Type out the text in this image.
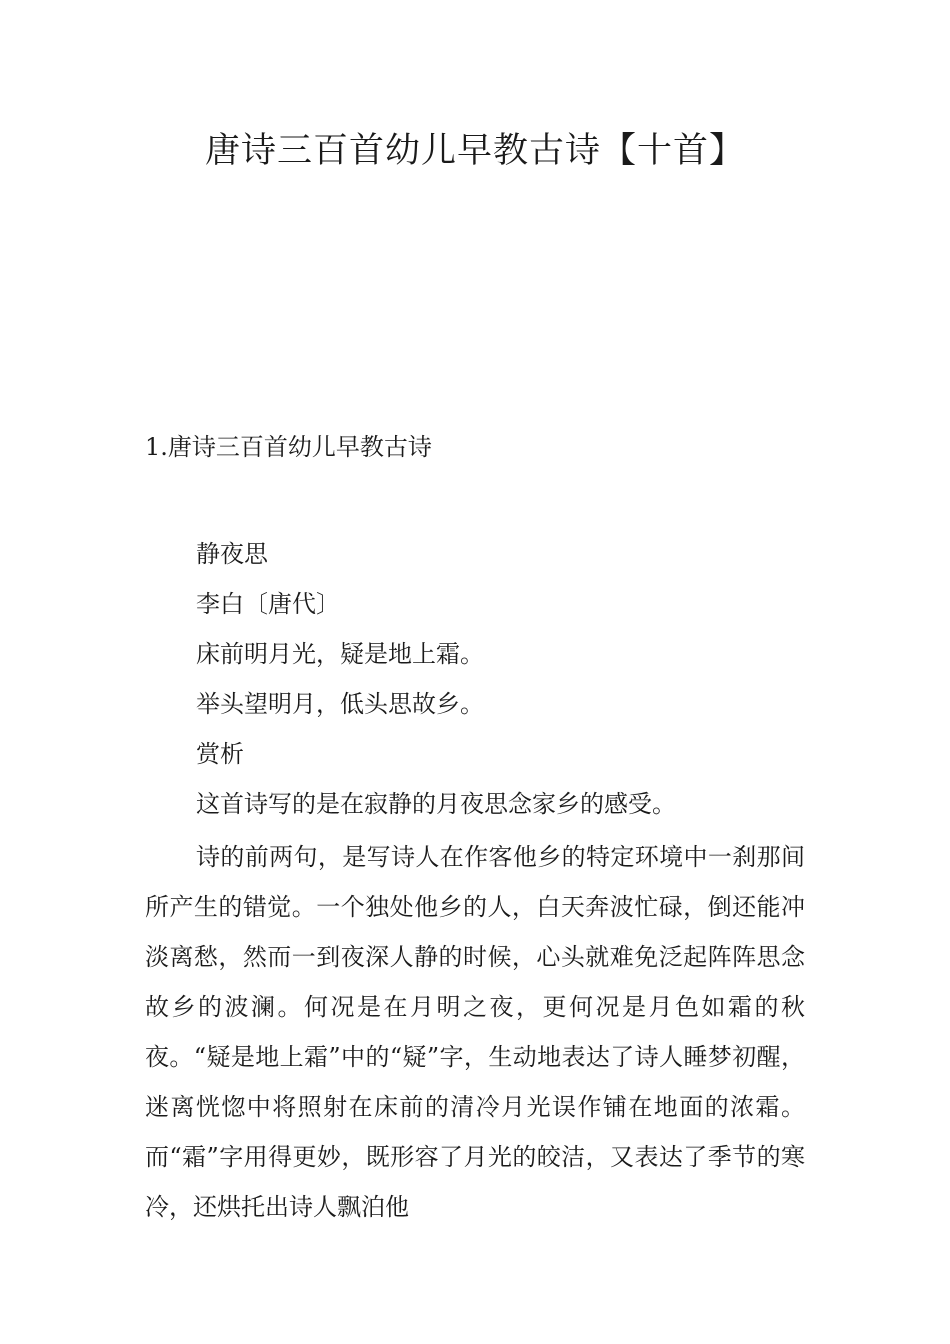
唐诗三百首幼儿早教古诗【十首】
1.唐诗三百首幼儿早教古诗

静夜思

李白〔唐代〕

床前明月光，疑是地上霜。

举头望明月，低头思故乡。

赏析

这首诗写的是在寂静的月夜思念家乡的感受。

诗的前两句，是写诗人在作客他乡的特定环境中一刹那间所产生的错觉。一个独处他乡的人，白天奔波忙碌，倒还能冲淡离愁，然而一到夜深人静的时候，心头就难免泛起阵阵思念故乡的波澜。何况是在月明之夜，更何况是月色如霜的秋夜。“疑是地上霜”中的“疑”字，生动地表达了诗人睡梦初醒，迷离恍惚中将照射在床前的清冷月光误作铺在地面的浓霜。而“霜”字用得更妙，既形容了月光的皎洁，又表达了季节的寒冷，还烘托出诗人飘泊他
